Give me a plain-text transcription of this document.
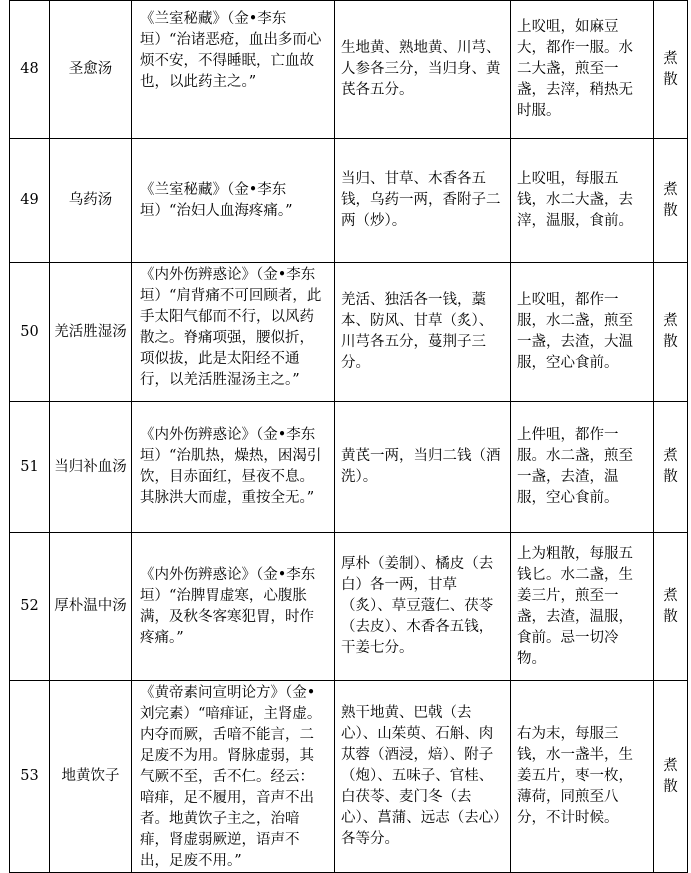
48	圣愈汤	《兰室秘藏》（金•李东垣）“治诸恶疮，血出多而心烦不安，不得睡眠，亡血故也，以此药主之。”	生地黄、熟地黄、川芎、人参各三分，当归身、黄芪各五分。	上㕮咀，如麻豆大，都作一服。水二大盏，煎至一盏，去滓，稍热无时服。	煮散
49	乌药汤	《兰室秘藏》（金•李东垣）“治妇人血海疼痛。”	当归、甘草、木香各五钱，乌药一两，香附子二两（炒）。	上㕮咀，每服五钱，水二大盏，去滓，温服，食前。	煮散
50	羌活胜湿汤	《内外伤辨惑论》（金•李东垣）“肩背痛不可回顾者，此手太阳气郁而不行，以风药散之。脊痛项强，腰似折，项似拔，此是太阳经不通行，以羌活胜湿汤主之。”	羌活、独活各一钱，藁本、防风、甘草（炙）、川芎各五分，蔓荆子三分。	上㕮咀，都作一服，水二盏，煎至一盏，去渣，大温服，空心食前。	煮散
51	当归补血汤	《内外伤辨惑论》（金•李东垣）“治肌热，燥热，困渴引饮，目赤面红，昼夜不息。其脉洪大而虚，重按全无。”	黄芪一两，当归二钱（酒洗）。	上件咀，都作一服。水二盏，煎至一盏，去渣，温服，空心食前。	煮散
52	厚朴温中汤	《内外伤辨惑论》（金•李东垣）“治脾胃虚寒，心腹胀满，及秋冬客寒犯胃，时作疼痛。”	厚朴（姜制）、橘皮（去白）各一两，甘草（炙）、草豆蔻仁、茯苓（去皮）、木香各五钱，干姜七分。	上为粗散，每服五钱匕。水二盏，生姜三片，煎至一盏，去渣，温服，食前。忌一切冷物。	煮散
53	地黄饮子	《黄帝素问宣明论方》（金•刘完素）“喑痱证，主肾虚。内夺而厥，舌喑不能言，二足废不为用。肾脉虚弱，其气厥不至，舌不仁。经云：喑痱，足不履用，音声不出者。地黄饮子主之，治喑痱，肾虚弱厥逆，语声不出，足废不用。”	熟干地黄、巴戟（去心）、山茱萸、石斛、肉苁蓉（酒浸，焙）、附子（炮）、五味子、官桂、白茯苓、麦门冬（去心）、菖蒲、远志（去心）各等分。	右为末，每服三钱，水一盏半，生姜五片，枣一枚，薄荷，同煎至八分，不计时候。	煮散
